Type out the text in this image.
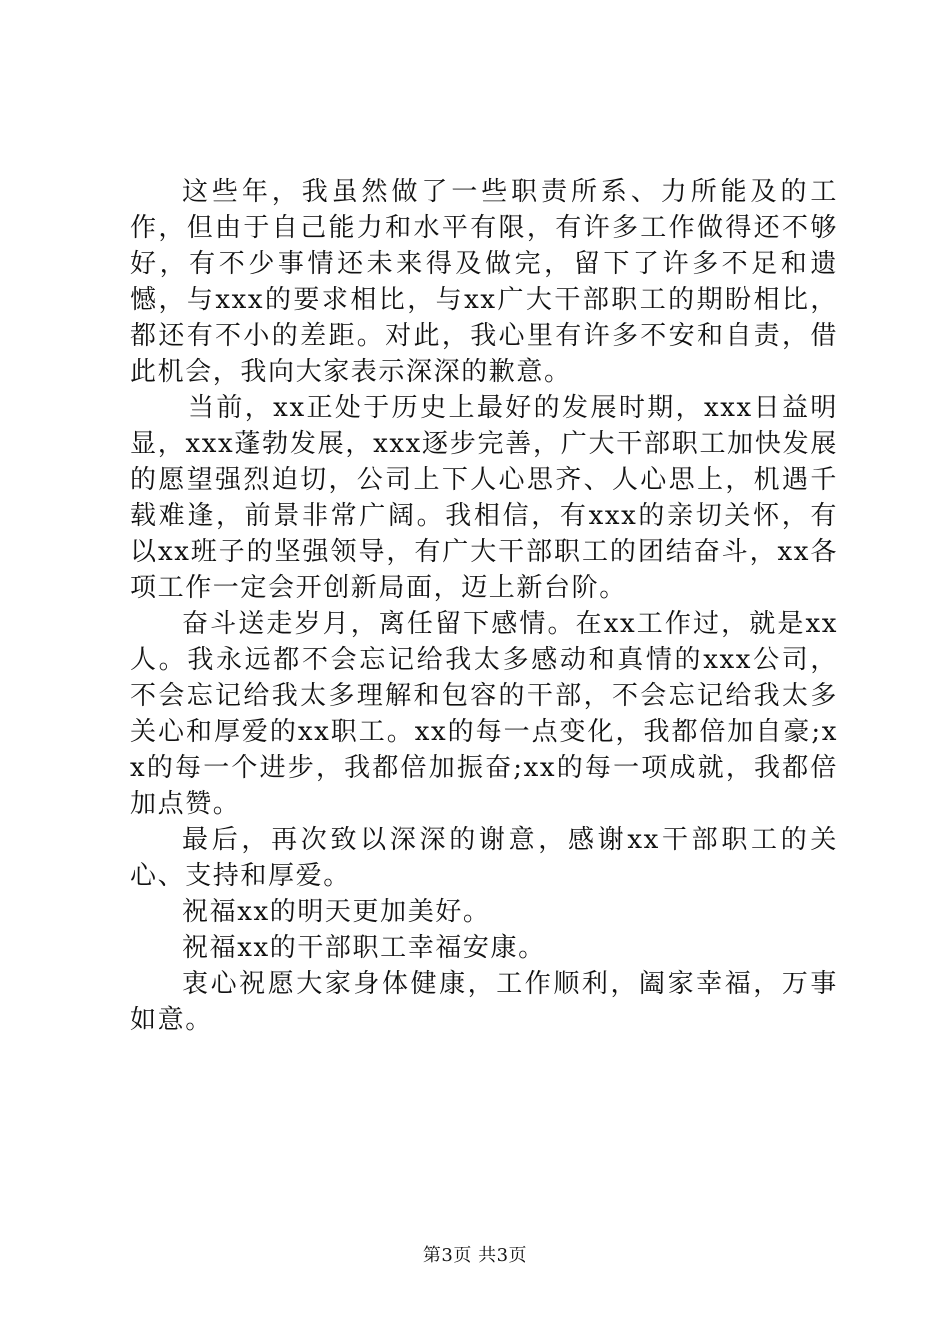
这些年，我虽然做了一些职责所系、力所能及的工作，但由于自己能力和水平有限，有许多工作做得还不够好，有不少事情还未来得及做完，留下了许多不足和遗憾，与xxx的要求相比，与xx广大干部职工的期盼相比，都还有不小的差距。对此，我心里有许多不安和自责，借此机会，我向大家表示深深的歉意。

当前，xx正处于历史上最好的发展时期，xxx日益明显，xxx蓬勃发展，xxx逐步完善，广大干部职工加快发展的愿望强烈迫切，公司上下人心思齐、人心思上，机遇千载难逢，前景非常广阔。我相信，有xxx的亲切关怀，有以xx班子的坚强领导，有广大干部职工的团结奋斗，xx各项工作一定会开创新局面，迈上新台阶。

奋斗送走岁月，离任留下感情。在xx工作过，就是xx人。我永远都不会忘记给我太多感动和真情的xxx公司，不会忘记给我太多理解和包容的干部，不会忘记给我太多关心和厚爱的xx职工。xx的每一点变化，我都倍加自豪;xx的每一个进步，我都倍加振奋;xx的每一项成就，我都倍加点赞。

最后，再次致以深深的谢意，感谢xx干部职工的关心、支持和厚爱。

祝福xx的明天更加美好。

祝福xx的干部职工幸福安康。

衷心祝愿大家身体健康，工作顺利，阖家幸福，万事如意。

第3页 共3页
